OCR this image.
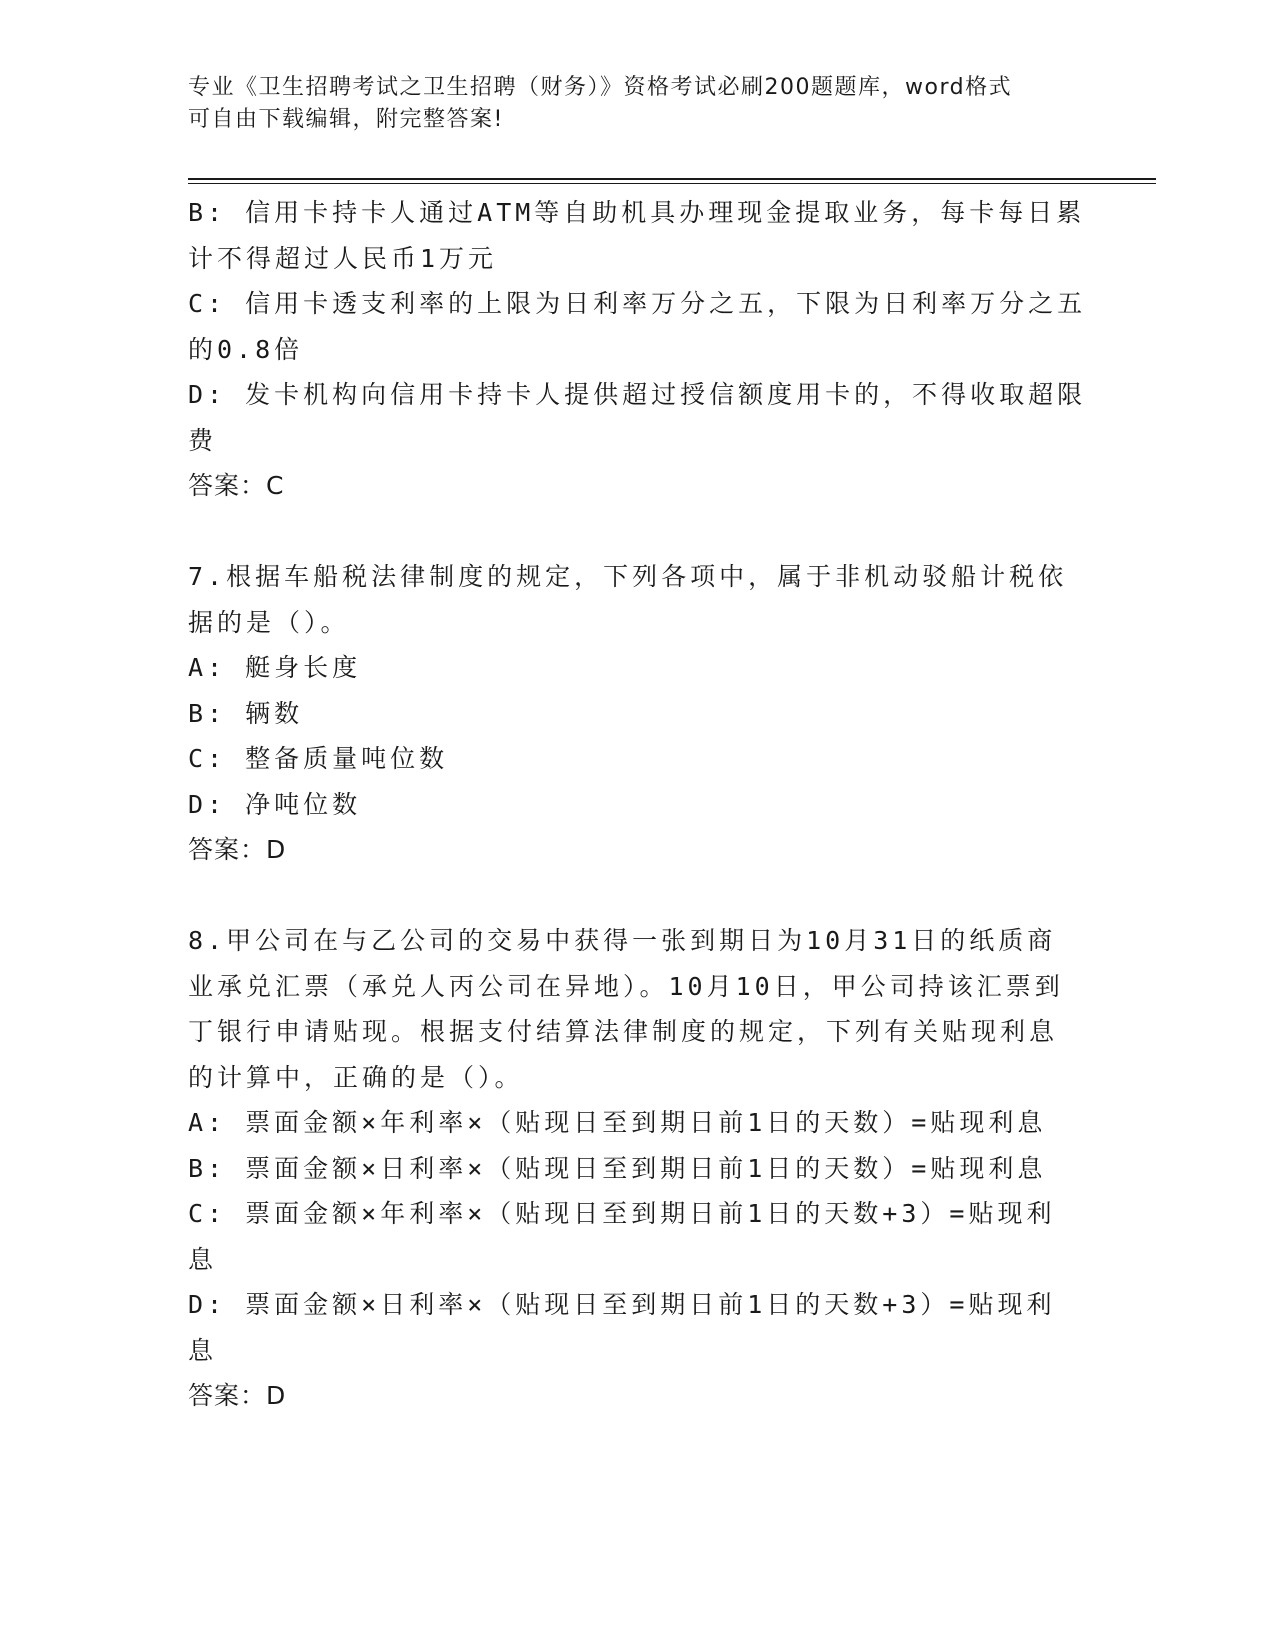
专业《卫生招聘考试之卫生招聘（财务）》资格考试必刷200题题库，word格式
可自由下载编辑，附完整答案!
B: 信用卡持卡人通过ATM等自助机具办理现金提取业务，每卡每日累
计不得超过人民币1万元
C: 信用卡透支利率的上限为日利率万分之五，下限为日利率万分之五
的0.8倍
D: 发卡机构向信用卡持卡人提供超过授信额度用卡的，不得收取超限
费
答案：C
7.根据车船税法律制度的规定，下列各项中，属于非机动驳船计税依
据的是（）。
A: 艇身长度
B: 辆数
C: 整备质量吨位数
D: 净吨位数
答案：D
8.甲公司在与乙公司的交易中获得一张到期日为10月31日的纸质商
业承兑汇票（承兑人丙公司在异地）。10月10日，甲公司持该汇票到
丁银行申请贴现。根据支付结算法律制度的规定，下列有关贴现利息
的计算中，正确的是（）。
A: 票面金额×年利率×（贴现日至到期日前1日的天数）=贴现利息
B: 票面金额×日利率×（贴现日至到期日前1日的天数）=贴现利息
C: 票面金额×年利率×（贴现日至到期日前1日的天数+3）=贴现利
息
D: 票面金额×日利率×（贴现日至到期日前1日的天数+3）=贴现利
息
答案：D
